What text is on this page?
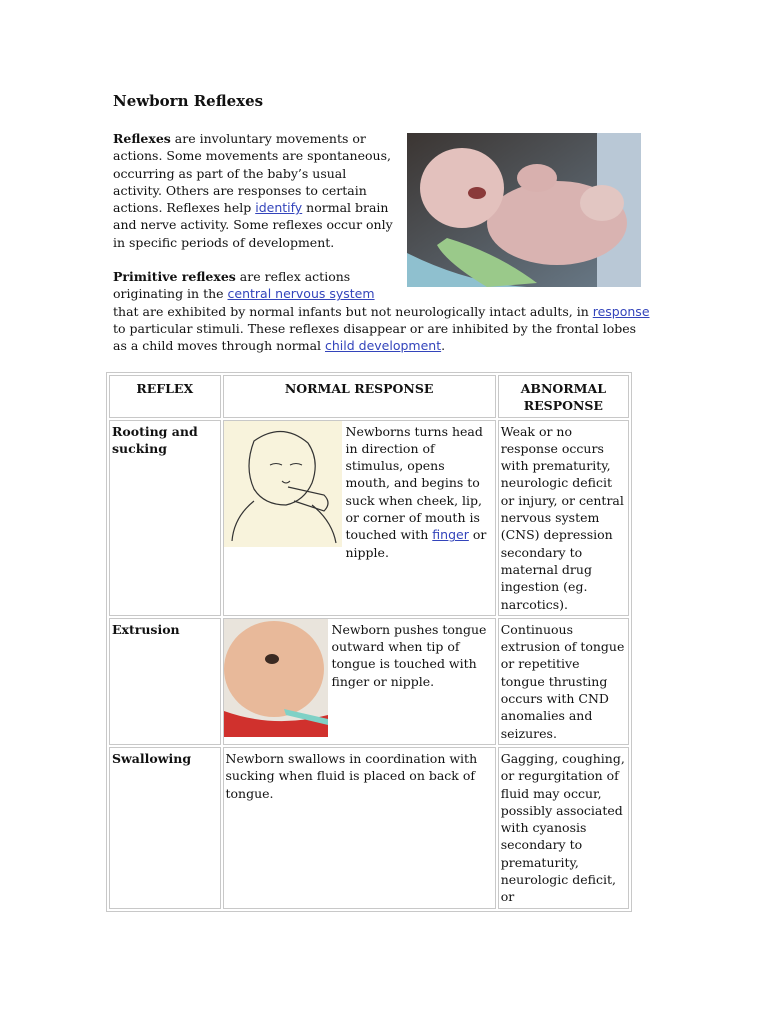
Newborn Reflexes

Reflexes are involuntary movements or actions. Some movements are spontaneous, occurring as part of the baby’s usual activity. Others are responses to certain actions. Reflexes help identify normal brain and nerve activity. Some reflexes occur only in specific periods of development.

Primitive reflexes are reflex actions originating in the central nervous system
that are exhibited by normal infants but not neurologically intact adults, in response to particular stimuli. These reflexes disappear or are inhibited by the frontal lobes as a child moves through normal child development.

REFLEX	NORMAL RESPONSE	ABNORMAL RESPONSE
Rooting and sucking	Newborns turns head in direction of stimulus, opens mouth, and begins to suck when cheek, lip, or corner of mouth is touched with finger or nipple.	Weak or no response occurs with prematurity, neurologic deficit or injury, or central nervous system (CNS) depression secondary to maternal drug ingestion (eg. narcotics).
Extrusion	Newborn pushes tongue outward when tip of tongue is touched with finger or nipple.	Continuous extrusion of tongue or repetitive tongue thrusting occurs with CND anomalies and seizures.
Swallowing	Newborn swallows in coordination with sucking when fluid is placed on back of tongue.	Gagging, coughing, or regurgitation of fluid may occur, possibly associated with cyanosis secondary to prematurity, neurologic deficit, or
